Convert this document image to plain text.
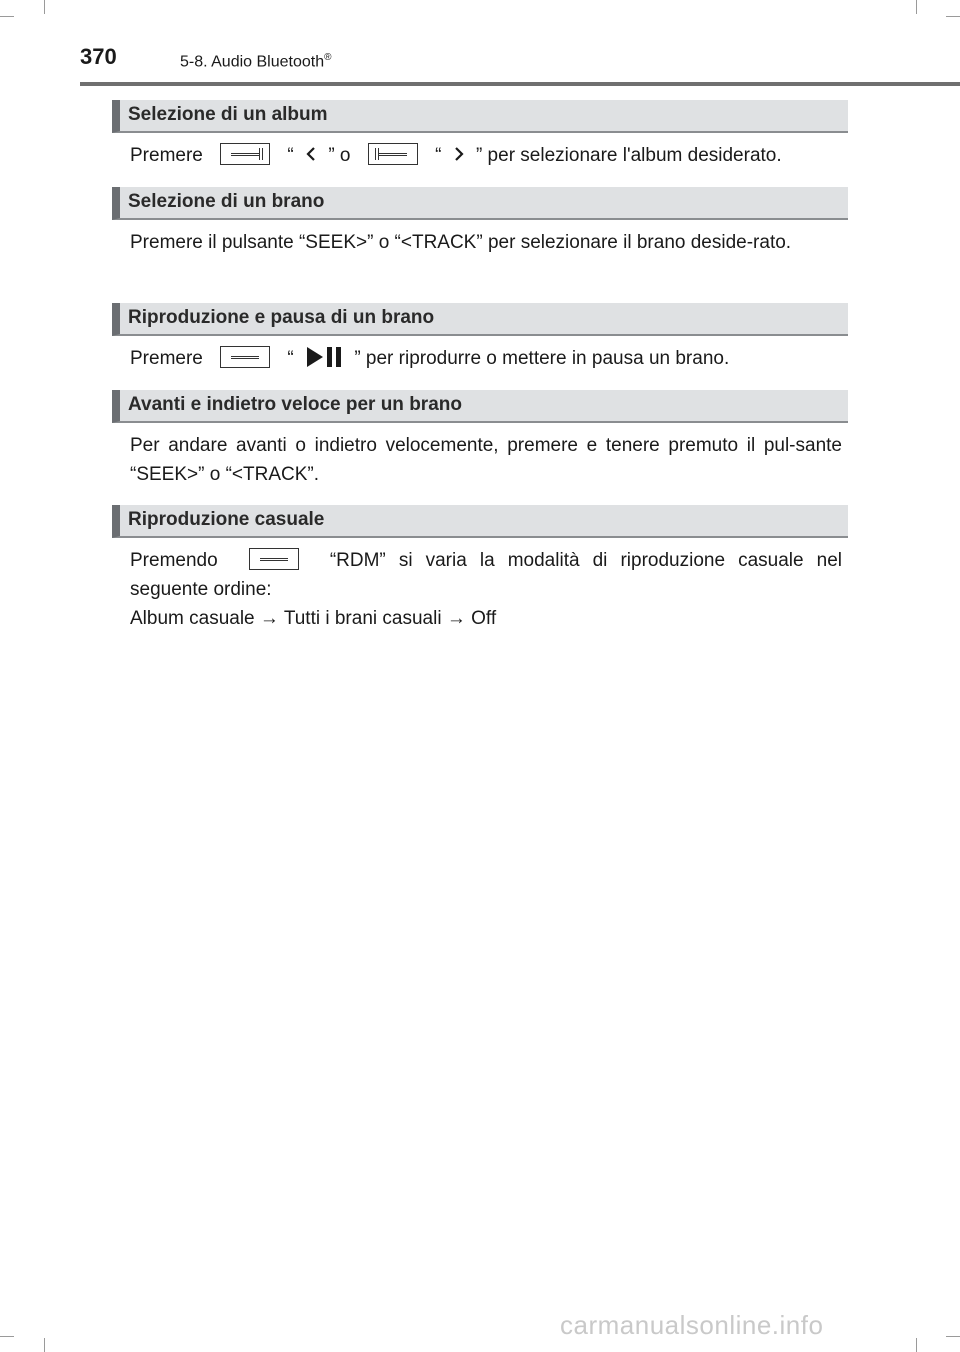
370	5-8. Audio Bluetooth®
Selezione di un album
Premere	“ ” o	“ ” per selezionare l'album desiderato.
Selezione di un brano
Premere il pulsante “SEEK>” o “<TRACK” per selezionare il brano deside-rato.
Riproduzione e pausa di un brano
Premere	“	” per riprodurre o mettere in pausa un brano.
Avanti e indietro veloce per un brano
Per andare avanti o indietro velocemente, premere e tenere premuto il pul-sante “SEEK>” o “<TRACK”.
Riproduzione casuale
Premendo	“RDM” si varia la modalità di riproduzione casuale nel seguente ordine:
Album casuale → Tutti i brani casuali → Off
carmanualsonline.info
